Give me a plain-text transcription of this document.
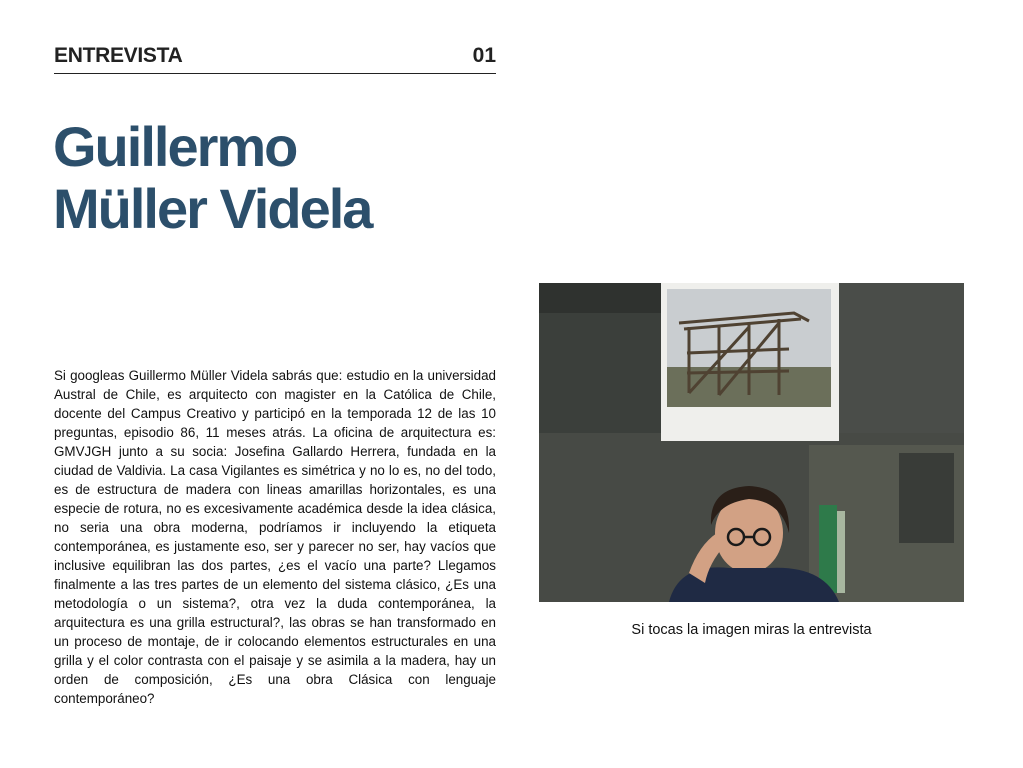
ENTREVISTA	01
Guillermo
Müller Videla

Si googleas Guillermo Müller Videla sabrás que: estudio en la universidad Austral de Chile, es arquitecto con magister en la Católica de Chile, docente del Campus Creativo y participó en la temporada 12 de las 10 preguntas, episodio 86, 11 meses atrás. La oficina de arquitectura es: GMVJGH junto a su socia: Josefina Gallardo Herrera, fundada en la ciudad de Valdivia. La casa Vigilantes es simétrica y no lo es, no del todo, es de estructura de madera con lineas amarillas horizontales, es una especie de rotura, no es excesivamente académica desde la idea clásica, no seria una obra moderna, podríamos ir incluyendo la etiqueta contemporánea, es justamente eso, ser y parecer no ser, hay vacíos que inclusive equilibran las dos partes, ¿es el vacío una parte? Llegamos finalmente a las tres partes de un elemento del sistema clásico, ¿Es una metodología o un sistema?, otra vez la duda contemporánea, la arquitectura es una grilla estructural?, las obras se han transformado en un proceso de montaje, de ir colocando elementos estructurales en una grilla y el color contrasta con el paisaje y se asimila a la madera, hay un orden de composición, ¿Es una obra Clásica con lenguaje contemporáneo?

Si tocas la imagen miras la entrevista
